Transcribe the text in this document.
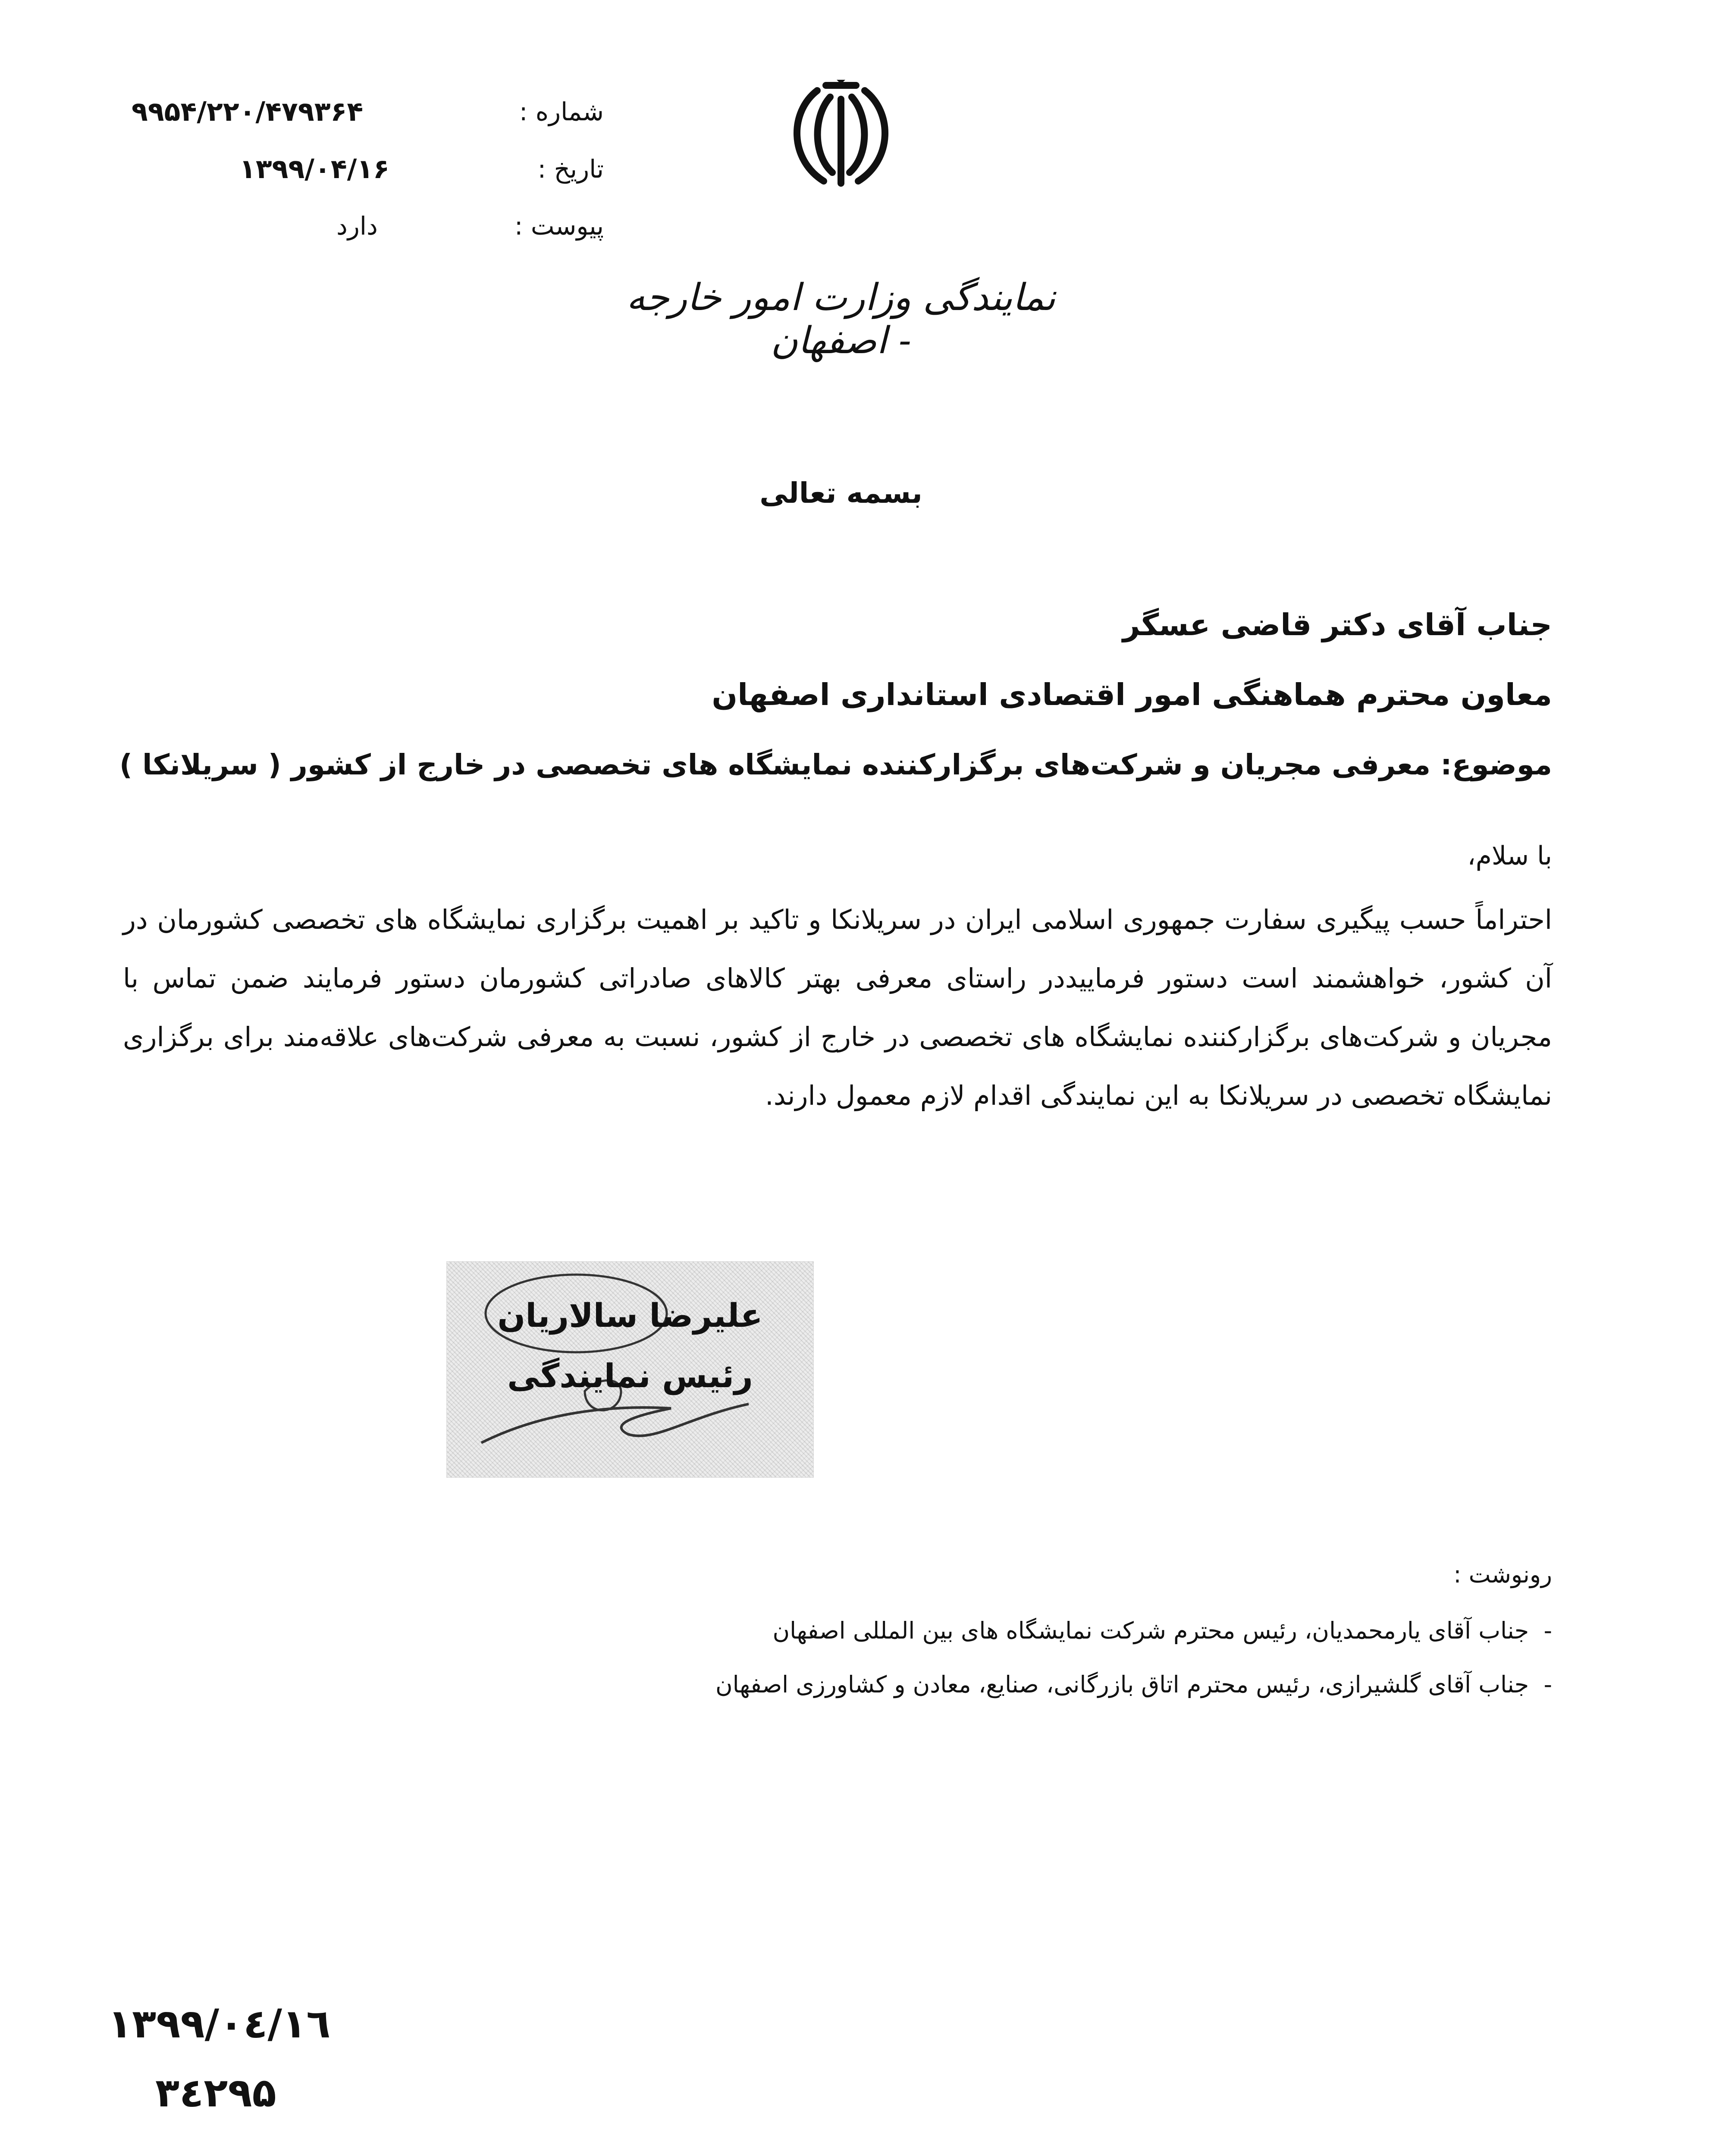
شماره :
۹۹۵۴/۲۲۰/۴۷۹۳۶۴
تاریخ :
۱۳۹۹/۰۴/۱۶
پیوست :
دارد
نمایندگی وزارت امور خارجه - اصفهان
بسمه تعالی
جناب آقای دکتر قاضی عسگر
معاون محترم هماهنگی امور اقتصادی استانداری اصفهان
موضوع: معرفی مجریان و شرکت‌های برگزارکننده نمایشگاه های تخصصی در خارج از کشور ( سریلانکا )
با سلام،
احتراماً حسب پیگیری سفارت جمهوری اسلامی ایران در سریلانکا و تاکید بر اهمیت برگزاری نمایشگاه های تخصصی کشورمان در آن کشور، خواهشمند است دستور فرمایید‌در راستای معرفی بهتر کالاهای صادراتی کشورمان دستور فرمایند ضمن تماس با مجریان و شرکت‌های برگزارکننده نمایشگاه های تخصصی در خارج از کشور، نسبت به معرفی شرکت‌های علاقه‌مند برای برگزاری نمایشگاه تخصصی در سریلانکا به این نمایندگی اقدام لازم معمول دارند.
علیرضا سالاریان
رئیس نمایندگی
رونوشت :
-  جناب آقای یارمحمدیان، رئیس محترم شرکت نمایشگاه های بین المللی اصفهان
-  جناب آقای گلشیرازی، رئیس محترم اتاق بازرگانی، صنایع، معادن و کشاورزی اصفهان
۱۳۹۹/۰٤/۱٦
۳٤۲۹۵
